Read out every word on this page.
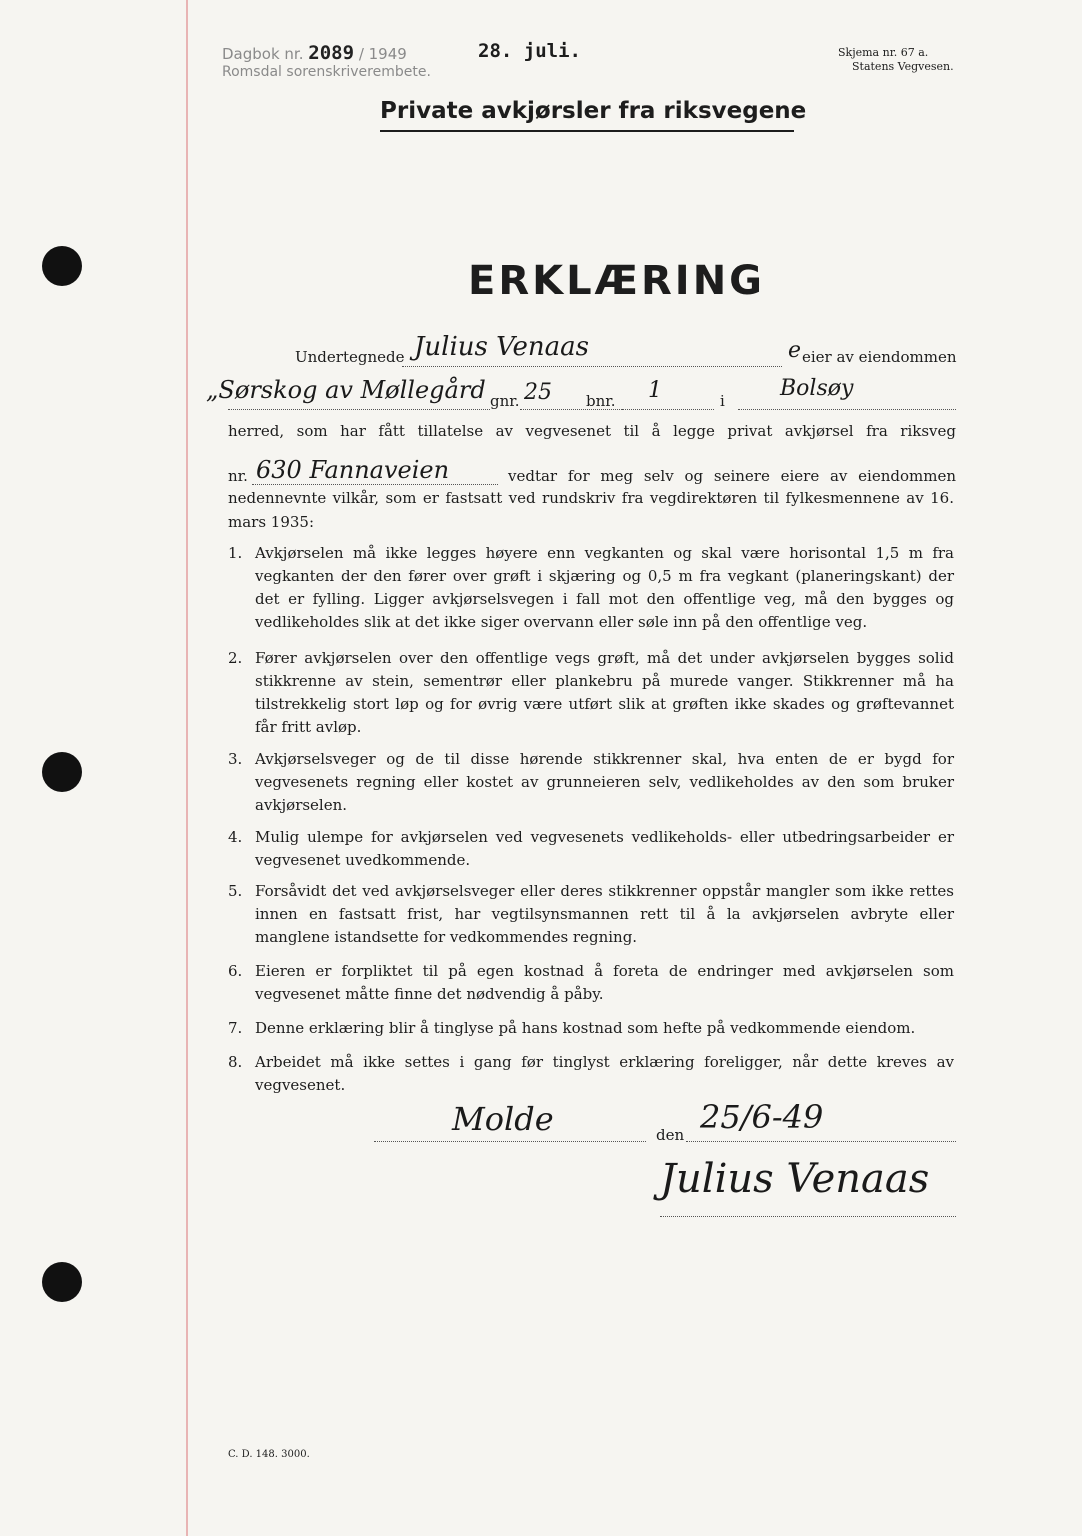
Dagbok nr. 2089 / 1949
Romsdal sorenskriverembete.
28. juli.	Skjema nr. 67 a.
Statens Vegvesen.
Private avkjørsler fra riksvegene
ERKLÆRING
Undertegnede Julius Venaas	e eier av eiendommen
„Sørskog av Møllegård gnr. 25 bnr. 1	i	Bolsøy
herred, som har fått tillatelse av vegvesenet til å legge privat avkjørsel fra riksveg
nr. 630 Fannaveien	vedtar for meg selv og seinere eiere av eiendommen
nedennevnte vilkår, som er fastsatt ved rundskriv fra vegdirektøren til fylkesmennene av 16. mars 1935:
1. Avkjørselen må ikke legges høyere enn vegkanten og skal være horisontal 1,5 m fra vegkanten der den fører over grøft i skjæring og 0,5 m fra vegkant (planeringskant) der det er fylling. Ligger avkjørselsvegen i fall mot den offentlige veg, må den bygges og vedlikeholdes slik at det ikke siger overvann eller søle inn på den offentlige veg.
2. Fører avkjørselen over den offentlige vegs grøft, må det under avkjørselen bygges solid stikkrenne av stein, sementrør eller plankebru på murede vanger. Stikkrenner må ha tilstrekkelig stort løp og for øvrig være utført slik at grøften ikke skades og grøftevannet får fritt avløp.
3. Avkjørselsveger og de til disse hørende stikkrenner skal, hva enten de er bygd for vegvesenets regning eller kostet av grunneieren selv, vedlikeholdes av den som bruker avkjørselen.
4. Mulig ulempe for avkjørselen ved vegvesenets vedlikeholds- eller utbedringsarbeider er vegvesenet uvedkommende.
5. Forsåvidt det ved avkjørselsveger eller deres stikkrenner oppstår mangler som ikke rettes innen en fastsatt frist, har vegtilsynsmannen rett til å la avkjørselen avbryte eller manglene istandsette for vedkommendes regning.
6. Eieren er forpliktet til på egen kostnad å foreta de endringer med avkjørselen som vegvesenet måtte finne det nødvendig å påby.
7. Denne erklæring blir å tinglyse på hans kostnad som hefte på vedkommende eiendom.
8. Arbeidet må ikke settes i gang før tinglyst erklæring foreligger, når dette kreves av vegvesenet.
Molde	den 25/6-49
Julius Venaas
C. D. 148. 3000.
